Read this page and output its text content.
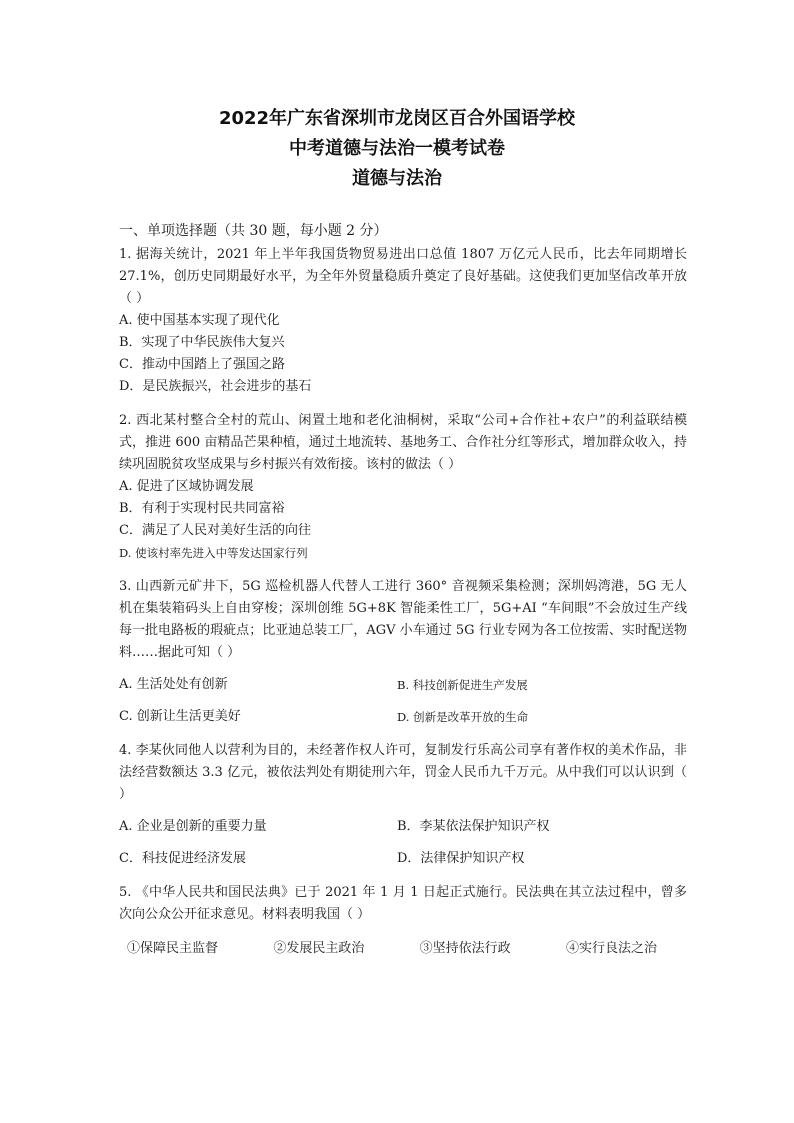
2022年广东省深圳市龙岗区百合外国语学校
中考道德与法治一模考试卷
道德与法治
一、单项选择题（共 30 题，每小题 2 分）

1. 据海关统计，2021 年上半年我国货物贸易进出口总值 1807 万亿元人民币，比去年同期增长 27.1%，创历史同期最好水平，为全年外贸量稳质升奠定了良好基础。这使我们更加坚信改革开放（ ）

A. 使中国基本实现了现代化

B．实现了中华民族伟大复兴

C．推动中国踏上了强国之路

D．是民族振兴，社会进步的基石

2. 西北某村整合全村的荒山、闲置土地和老化油桐树，采取“公司+合作社+农户”的利益联结模式，推进 600 亩精品芒果种植，通过土地流转、基地务工、合作社分红等形式，增加群众收入，持续巩固脱贫攻坚成果与乡村振兴有效衔接。该村的做法（ ）

A. 促进了区域协调发展

B．有利于实现村民共同富裕

C．满足了人民对美好生活的向往

D. 使该村率先进入中等发达国家行列

3. 山西新元矿井下，5G 巡检机器人代替人工进行 360° 音视频采集检测；深圳妈湾港，5G 无人机在集装箱码头上自由穿梭；深圳创维 5G+8K 智能柔性工厂，5G+AI “车间眼”不会放过生产线每一批电路板的瑕疵点；比亚迪总装工厂，AGV 小车通过 5G 行业专网为各工位按需、实时配送物料……据此可知（ ）

A. 生活处处有创新	B. 科技创新促进生产发展
C. 创新让生活更美好	D. 创新是改革开放的生命

4. 李某伙同他人以营利为目的，未经著作权人许可，复制发行乐高公司享有著作权的美术作品，非法经营数额达 3.3 亿元，被依法判处有期徒刑六年，罚金人民币九千万元。从中我们可以认识到（ ）

A. 企业是创新的重要力量	B．李某依法保护知识产权
C．科技促进经济发展	D．法律保护知识产权

5. 《中华人民共和国民法典》已于 2021 年 1 月 1 日起正式施行。民法典在其立法过程中，曾多次向公众公开征求意见。材料表明我国（ ）

①保障民主监督	②发展民主政治	③坚持依法行政	④实行良法之治
